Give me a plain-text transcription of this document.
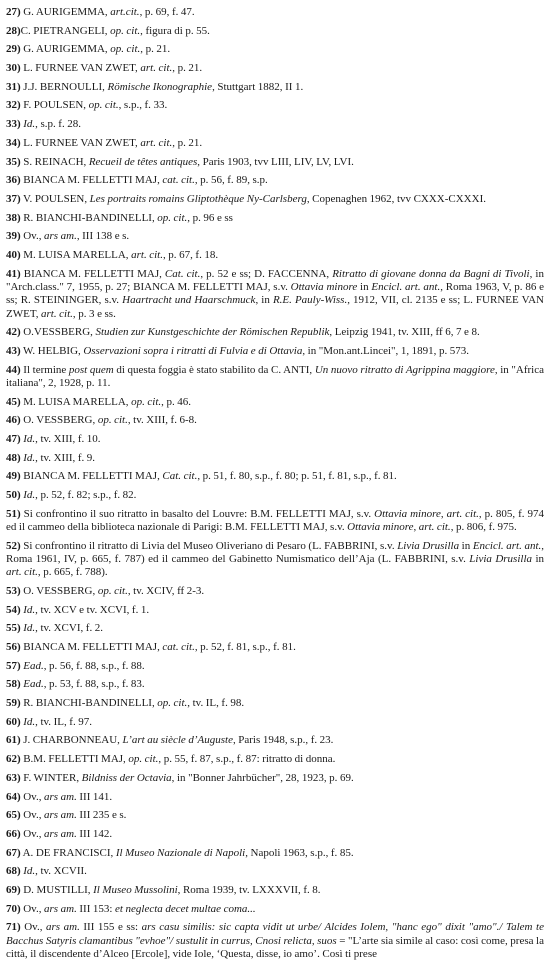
27) G. AURIGEMMA, art.cit., p. 69, f. 47.

28)C. PIETRANGELI, op. cit., figura di p. 55.

29) G. AURIGEMMA, op. cit., p. 21.

30) L. FURNEE VAN ZWET, art. cit., p. 21.

31) J.J. BERNOULLI, Römische Ikonographie, Stuttgart 1882, II 1.

32) F. POULSEN, op. cit., s.p., f. 33.

33) Id., s.p. f. 28.

34) L. FURNEE VAN ZWET, art. cit., p. 21.

35) S. REINACH, Recueil de têtes antiques, Paris 1903, tvv LIII, LIV, LV, LVI.

36) BIANCA M. FELLETTI MAJ, cat. cit., p. 56, f. 89, s.p.

37) V. POULSEN, Les portraits romains Gliptothèque Ny-Carlsberg, Copenaghen 1962, tvv CXXX-CXXXI.

38) R. BIANCHI-BANDINELLI, op. cit., p. 96 e ss

39) Ov., ars am., III 138 e s.

40) M. LUISA MARELLA, art. cit., p. 67, f. 18.

41) BIANCA M. FELLETTI MAJ, Cat. cit., p. 52 e ss; D. FACCENNA, Ritratto di giovane donna da Bagni di Tivoli, in "Arch.class." 7, 1955, p. 27; BIANCA M. FELLETTI MAJ, s.v. Ottavia minore in Encicl. art. ant., Roma 1963, V, p. 86 e ss; R. STEININGER, s.v. Haartracht und Haarschmuck, in R.E. Pauly-Wiss., 1912, VII, cl. 2135 e ss; L. FURNEE VAN ZWET, art. cit., p. 3 e ss.

42) O.VESSBERG, Studien zur Kunstgeschichte der Römischen Republik, Leipzig 1941, tv. XIII, ff 6, 7 e 8.

43) W. HELBIG, Osservazioni sopra i ritratti di Fulvia e di Ottavia, in "Mon.ant.Lincei", 1, 1891, p. 573.

44) Il termine post quem di questa foggia è stato stabilito da C. ANTI, Un nuovo ritratto di Agrippina maggiore, in "Africa italiana", 2, 1928, p. 11.

45) M. LUISA MARELLA, op. cit., p. 46.

46) O. VESSBERG, op. cit., tv. XIII, f. 6-8.

47) Id., tv. XIII, f. 10.

48) Id., tv. XIII, f. 9.

49) BIANCA M. FELLETTI MAJ, Cat. cit., p. 51, f. 80, s.p., f. 80; p. 51, f. 81, s.p., f. 81.

50) Id., p. 52, f. 82; s.p., f. 82.

51) Si confrontino il suo ritratto in basalto del Louvre: B.M. FELLETTI MAJ, s.v. Ottavia minore, art. cit., p. 805, f. 974 ed il cammeo della biblioteca nazionale di Parigi: B.M. FELLETTI MAJ, s.v. Ottavia minore, art. cit., p. 806, f. 975.

52) Si confrontino il ritratto di Livia del Museo Oliveriano di Pesaro (L. FABBRINI, s.v. Livia Drusilla in Encicl. art. ant., Roma 1961, IV, p. 665, f. 787) ed il cammeo del Gabinetto Numismatico dell’Aja (L. FABBRINI, s.v. Livia Drusilla in art. cit., p. 665, f. 788).

53) O. VESSBERG, op. cit., tv. XCIV, ff 2-3.

54) Id., tv. XCV e tv. XCVI, f. 1.

55) Id., tv. XCVI, f. 2.

56) BIANCA M. FELLETTI MAJ, cat. cit., p. 52, f. 81, s.p., f. 81.

57) Ead., p. 56, f. 88, s.p., f. 88.

58) Ead., p. 53, f. 88, s.p., f. 83.

59) R. BIANCHI-BANDINELLI, op. cit., tv. IL, f. 98.

60) Id., tv. IL, f. 97.

61) J. CHARBONNEAU, L’art au siècle d’Auguste, Paris 1948, s.p., f. 23.

62) B.M. FELLETTI MAJ, op. cit., p. 55, f. 87, s.p., f. 87: ritratto di donna.

63) F. WINTER, Bildniss der Octavia, in "Bonner Jahrbücher", 28, 1923, p. 69.

64) Ov., ars am. III 141.

65) Ov., ars am. III 235 e s.

66) Ov., ars am. III 142.

67) A. DE FRANCISCI, Il Museo Nazionale di Napoli, Napoli 1963, s.p., f. 85.

68) Id., tv. XCVII.

69) D. MUSTILLI, Il Museo Mussolini, Roma 1939, tv. LXXXVII, f. 8.

70) Ov., ars am. III 153: et neglecta decet multae coma...

71) Ov., ars am. III 155 e ss: ars casu similis: sic capta vidit ut urbe/ Alcides Iolem, "hanc ego" dixit "amo"./ Talem te Bacchus Satyris clamantibus "evhoe"/ sustulit in currus, Cnosi relicta, suos = "L’arte sia simile al caso: così come, presa la città, il discendente d’Alceo [Ercole], vide Iole, ‘Questa, disse, io amo’. Così ti prese
